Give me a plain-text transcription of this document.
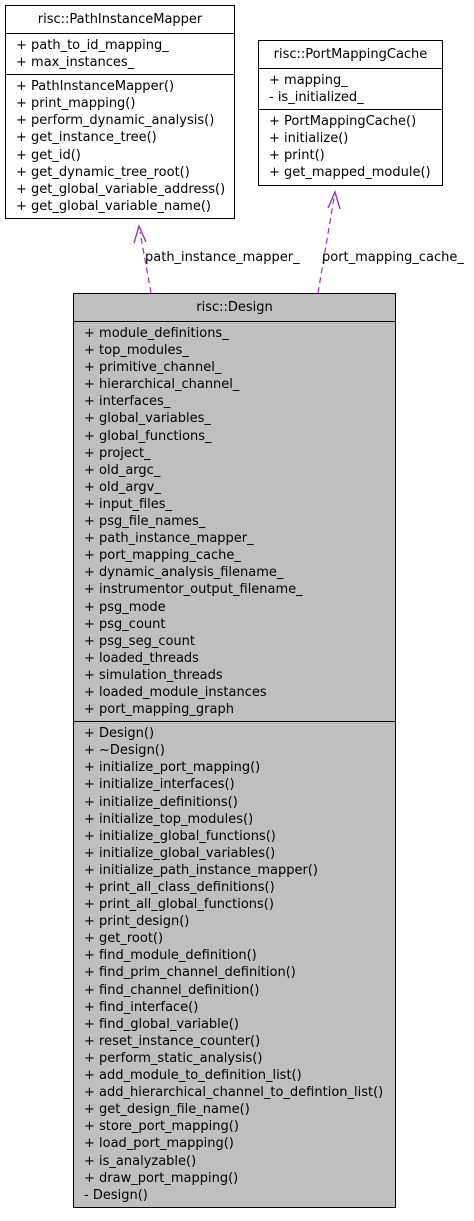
path_instance_mapper_ port_mapping_cache_
risc::PathInstanceMapper
+ path_to_id_mapping_
+ max_instances_
+ PathInstanceMapper()
+ print_mapping()
+ perform_dynamic_analysis()
+ get_instance_tree()
+ get_id()
+ get_dynamic_tree_root()
+ get_global_variable_address()
+ get_global_variable_name()
risc::PortMappingCache
+ mapping_
- is_initialized_
+ PortMappingCache()
+ initialize()
+ print()
+ get_mapped_module()
risc::Design
+ module_definitions_
+ top_modules_
+ primitive_channel_
+ hierarchical_channel_
+ interfaces_
+ global_variables_
+ global_functions_
+ project_
+ old_argc_
+ old_argv_
+ input_files_
+ psg_file_names_
+ path_instance_mapper_
+ port_mapping_cache_
+ dynamic_analysis_filename_
+ instrumentor_output_filename_
+ psg_mode
+ psg_count
+ psg_seg_count
+ loaded_threads
+ simulation_threads
+ loaded_module_instances
+ port_mapping_graph
+ Design()
+ ~Design()
+ initialize_port_mapping()
+ initialize_interfaces()
+ initialize_definitions()
+ initialize_top_modules()
+ initialize_global_functions()
+ initialize_global_variables()
+ initialize_path_instance_mapper()
+ print_all_class_definitions()
+ print_all_global_functions()
+ print_design()
+ get_root()
+ find_module_definition()
+ find_prim_channel_definition()
+ find_channel_definition()
+ find_interface()
+ find_global_variable()
+ reset_instance_counter()
+ perform_static_analysis()
+ add_module_to_definition_list()
+ add_hierarchical_channel_to_defintion_list()
+ get_design_file_name()
+ store_port_mapping()
+ load_port_mapping()
+ is_analyzable()
+ draw_port_mapping()
- Design()
